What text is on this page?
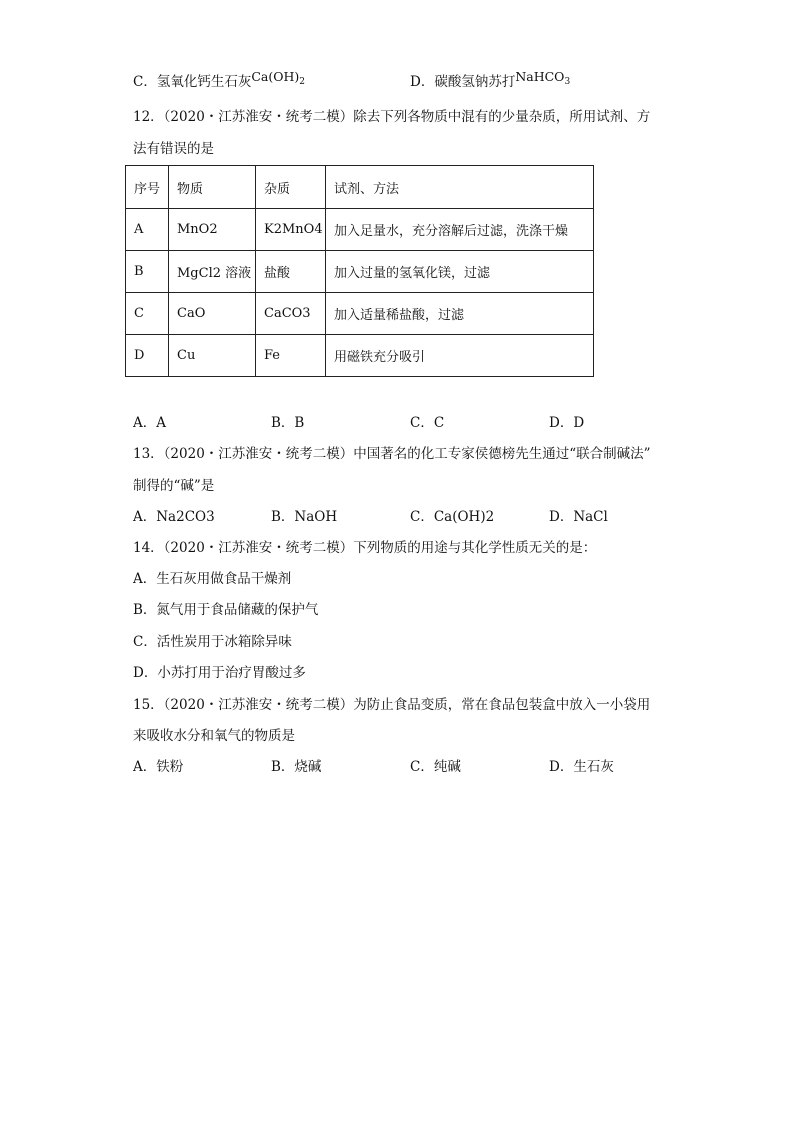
C．氢氧化钙生石灰$Ca(OH)_2$	D．碳酸氢钠苏打NaHCO$_3$
12．（2020・江苏淮安・统考二模）除去下列各物质中混有的少量杂质，所用试剂、方
法有错误的是
序号	物质	杂质	试剂、方法
A	MnO2	K2MnO4	加入足量水，充分溶解后过滤，洗涤干燥
B	MgCl2 溶液	盐酸	加入过量的氢氧化镁，过滤
C	CaO	CaCO3	加入适量稀盐酸，过滤
D	Cu	Fe	用磁铁充分吸引
A．A	B．B	C．C	D．D
13．（2020・江苏淮安・统考二模）中国著名的化工专家侯德榜先生通过“联合制碱法”
制得的“碱”是
A．Na2CO3	B．NaOH	C．Ca(OH)2	D．NaCl
14．（2020・江苏淮安・统考二模）下列物质的用途与其化学性质无关的是：
A．生石灰用做食品干燥剂
B．氮气用于食品储藏的保护气
C．活性炭用于冰箱除异味
D．小苏打用于治疗胃酸过多
15．（2020・江苏淮安・统考二模）为防止食品变质，常在食品包装盒中放入一小袋用
来吸收水分和氧气的物质是
A．铁粉	B．烧碱	C．纯碱	D．生石灰
